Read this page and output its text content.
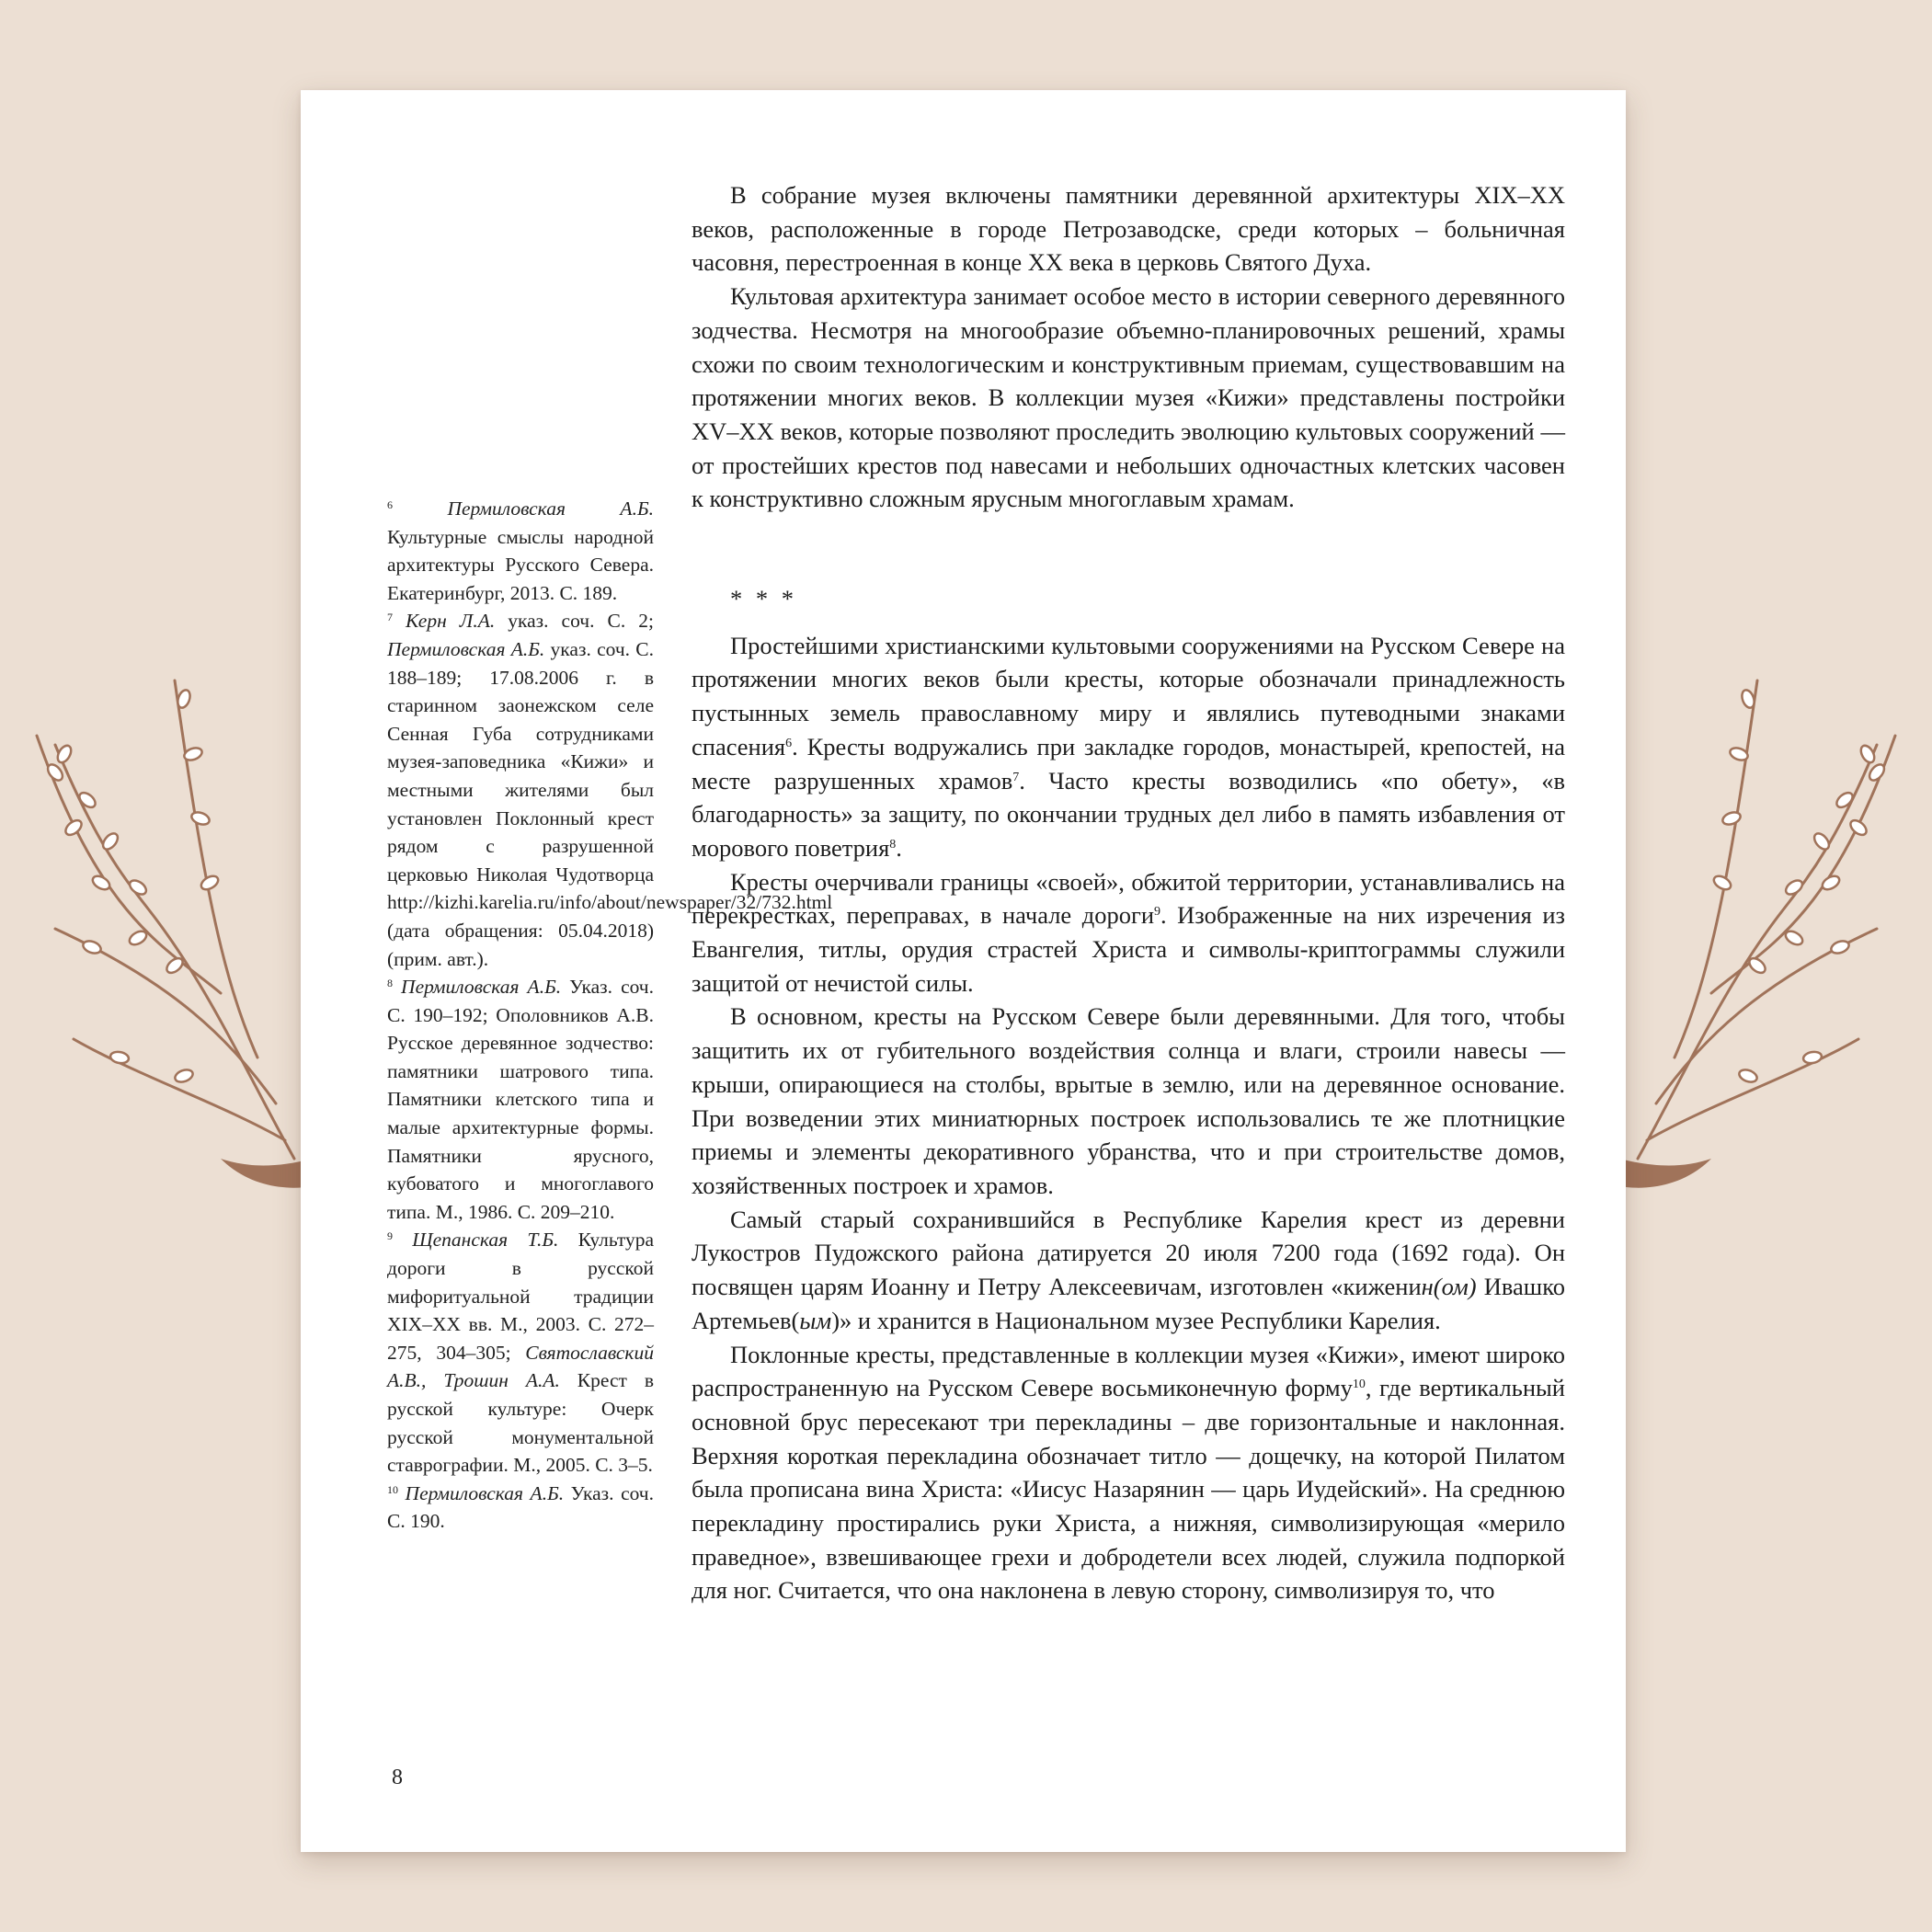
$^6$	Пермиловская А.Б. Культурные смыслы народной архитектуры Русского Севера. Екатеринбург, 2013. С. 189.

$^7$ Керн Л.А. указ. соч. С. 2; Пермиловская А.Б. указ. соч. С. 188–189; 17.08.2006 г. в старинном заонежском селе Сенная Губа сотрудниками музея-заповедника «Кижи» и местными жителями был установлен Поклонный крест рядом с разрушенной церковью Николая Чудотворца http://kizhi.karelia.ru/info/about/newspaper/32/732.html (дата обращения: 05.04.2018) (прим. авт.).

$^8$ Пермиловская А.Б. Указ. соч. С. 190–192; Ополовников А.В. Русское деревянное зодчество: памятники шатрового типа. Памятники клетского типа и малые архитектурные формы. Памятники ярусного, кубоватого и многоглавого типа. М., 1986. С. 209–210.

$^9$ Щепанская Т.Б. Культура дороги в русской мифоритуальной традиции XIX–XX вв. М., 2003. С. 272–275, 304–305; Святославский А.В., Трошин А.А. Крест в русской культуре: Очерк русской монументальной ставрографии. М., 2005. С. 3–5.

$^{10}$ Пермиловская А.Б. Указ. соч. С. 190.

В собрание музея включены памятники деревянной архитектуры XIX–XX веков, расположенные в городе Петрозаводске, среди которых – больничная часовня, перестроенная в конце XX века в церковь Святого Духа.

Культовая архитектура занимает особое место в истории северного деревянного зодчества. Несмотря на многообразие объемно-планировочных решений, храмы схожи по своим технологическим и конструктивным приемам, существовавшим на протяжении многих веков. В коллекции музея «Кижи» представлены постройки XV–XX веков, которые позволяют проследить эволюцию культовых сооружений — от простейших крестов под навесами и небольших одночастных клетских часовен к конструктивно сложным ярусным многоглавым храмам.

* * *

Простейшими христианскими культовыми сооружениями на Русском Севере на протяжении многих веков были кресты, которые обозначали принадлежность пустынных земель православному миру и являлись путеводными знаками спасения$^6$. Кресты водружались при закладке городов, монастырей, крепостей, на месте разрушенных храмов$^7$. Часто кресты возводились «по обету», «в благодарность» за защиту, по окончании трудных дел либо в память избавления от морового поветрия$^8$.

Кресты очерчивали границы «своей», обжитой территории, устанавливались на перекрестках, переправах, в начале дороги$^9$. Изображенные на них изречения из Евангелия, титлы, орудия страстей Христа и символы-криптограммы служили защитой от нечистой силы.

В основном, кресты на Русском Севере были деревянными. Для того, чтобы защитить их от губительного воздействия солнца и влаги, строили навесы — крыши, опирающиеся на столбы, врытые в землю, или на деревянное основание. При возведении этих миниатюрных построек использовались те же плотницкие приемы и элементы декоративного убранства, что и при строительстве домов, хозяйственных построек и храмов.

Самый старый сохранившийся в Республике Карелия крест из деревни Лукостров Пудожского района датируется 20 июля 7200 года (1692 года). Он посвящен царям Иоанну и Петру Алексеевичам, изготовлен «киженин(ом) Ивашко Артемьев(ым)» и хранится в Национальном музее Республики Карелия.

Поклонные кресты, представленные в коллекции музея «Кижи», имеют широко распространенную на Русском Севере восьмиконечную форму$^{10}$, где вертикальный основной брус пересекают три перекладины – две горизонтальные и наклонная. Верхняя короткая перекладина обозначает титло — дощечку, на которой Пилатом была прописана вина Христа: «Иисус Назарянин — царь Иудейский». На среднюю перекладину простирались руки Христа, а нижняя, символизирующая «мерило праведное», взвешивающее грехи и добродетели всех людей, служила подпоркой для ног. Считается, что она наклонена в левую сторону, символизируя то, что

8
